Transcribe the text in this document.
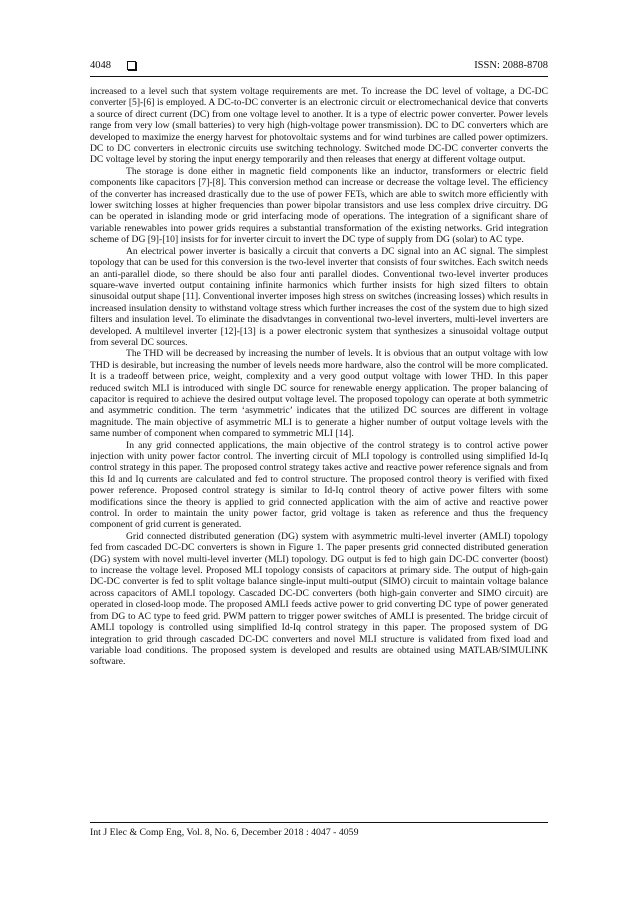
4048	ISSN: 2088-8708

increased to a level such that system voltage requirements are met. To increase the DC level of voltage, a DC-DC converter [5]-[6] is employed. A DC-to-DC converter is an electronic circuit or electromechanical device that converts a source of direct current (DC) from one voltage level to another. It is a type of electric power converter. Power levels range from very low (small batteries) to very high (high-voltage power transmission). DC to DC converters which are developed to maximize the energy harvest for photovoltaic systems and for wind turbines are called power optimizers. DC to DC converters in electronic circuits use switching technology. Switched mode DC-DC converter converts the DC voltage level by storing the input energy temporarily and then releases that energy at different voltage output.

The storage is done either in magnetic field components like an inductor, transformers or electric field components like capacitors [7]-[8]. This conversion method can increase or decrease the voltage level. The efficiency of the converter has increased drastically due to the use of power FETs, which are able to switch more efficiently with lower switching losses at higher frequencies than power bipolar transistors and use less complex drive circuitry. DG can be operated in islanding mode or grid interfacing mode of operations. The integration of a significant share of variable renewables into power grids requires a substantial transformation of the existing networks. Grid integration scheme of DG [9]-[10] insists for for inverter circuit to invert the DC type of supply from DG (solar) to AC type.

An electrical power inverter is basically a circuit that converts a DC signal into an AC signal. The simplest topology that can be used for this conversion is the two-level inverter that consists of four switches. Each switch needs an anti-parallel diode, so there should be also four anti parallel diodes. Conventional two-level inverter produces square-wave inverted output containing infinite harmonics which further insists for high sized filters to obtain sinusoidal output shape [11]. Conventional inverter imposes high stress on switches (increasing losses) which results in increased insulation density to withstand voltage stress which further increases the cost of the system due to high sized filters and insulation level. To eliminate the disadvtanges in conventional two-level inverters, multi-level inverters are developed. A multilevel inverter [12]-[13] is a power electronic system that synthesizes a sinusoidal voltage output from several DC sources.

The THD will be decreased by increasing the number of levels. It is obvious that an output voltage with low THD is desirable, but increasing the number of levels needs more hardware, also the control will be more complicated. It is a tradeoff between price, weight, complexity and a very good output voltage with lower THD. In this paper reduced switch MLI is introduced with single DC source for renewable energy application. The proper balancing of capacitor is required to achieve the desired output voltage level. The proposed topology can operate at both symmetric and asymmetric condition. The term ‘asymmetric’ indicates that the utilized DC sources are different in voltage magnitude. The main objective of asymmetric MLI is to generate a higher number of output voltage levels with the same number of component when compared to symmetric MLI [14].

In any grid connected applications, the main objective of the control strategy is to control active power injection with unity power factor control. The inverting circuit of MLI topology is controlled using simplified Id-Iq control strategy in this paper. The proposed control strategy takes active and reactive power reference signals and from this Id and Iq currents are calculated and fed to control structure. The proposed control theory is verified with fixed power reference. Proposed control strategy is similar to Id-Iq control theory of active power filters with some modifications since the theory is applied to grid connected application with the aim of active and reactive power control. In order to maintain the unity power factor, grid voltage is taken as reference and thus the frequency component of grid current is generated.

Grid connected distributed generation (DG) system with asymmetric multi-level inverter (AMLI) topology fed from cascaded DC-DC converters is shown in Figure 1. The paper presents grid connected distributed generation (DG) system with novel multi-level inverter (MLI) topology. DG output is fed to high gain DC-DC converter (boost) to increase the voltage level. Proposed MLI topology consists of capacitors at primary side. The output of high-gain DC-DC converter is fed to split voltage balance single-input multi-output (SIMO) circuit to maintain voltage balance across capacitors of AMLI topology. Cascaded DC-DC converters (both high-gain converter and SIMO circuit) are operated in closed-loop mode. The proposed AMLI feeds active power to grid converting DC type of power generated from DG to AC type to feed grid. PWM pattern to trigger power switches of AMLI is presented. The bridge circuit of AMLI topology is controlled using simplified Id-Iq control strategy in this paper. The proposed system of DG integration to grid through cascaded DC-DC converters and novel MLI structure is validated from fixed load and variable load conditions. The proposed system is developed and results are obtained using MATLAB/SIMULINK software.

Int J Elec & Comp Eng, Vol. 8, No. 6, December 2018 : 4047 - 4059
